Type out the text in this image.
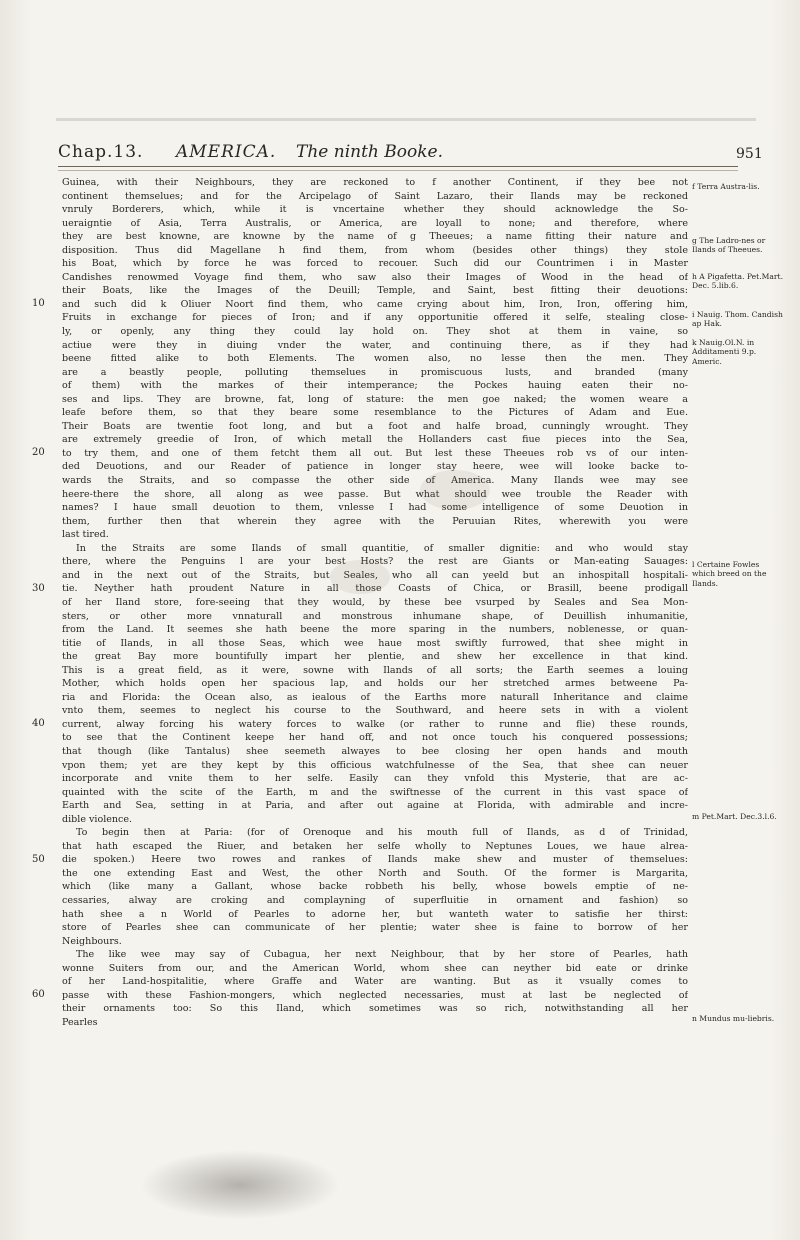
Chap.13. AMERICA. The ninth Booke.	951
10
20
30
40
50
60
Guinea, with their Neighbours, they are reckoned to f another Continent, if they bee not
continent themselues; and for the Arcipelago of Saint Lazaro, their Ilands may be reckoned
vnruly Borderers, which, while it is vncertaine whether they should acknowledge the So-
ueraigntie of Asia, Terra Australis, or America, are loyall to none; and therefore, where
they are best knowne, are knowne by the name of g Theeues; a name fitting their nature and
disposition. Thus did Magellane h find them, from whom (besides other things) they stole
his Boat, which by force he was forced to recouer. Such did our Countrimen i in Master
Candishes renowmed Voyage find them, who saw also their Images of Wood in the head of
their Boats, like the Images of the Deuill; Temple, and Saint, best fitting their deuotions:
and such did k Oliuer Noort find them, who came crying about him, Iron, Iron, offering him,
Fruits in exchange for pieces of Iron; and if any opportunitie offered it selfe, stealing close-
ly, or openly, any thing they could lay hold on. They shot at them in vaine, so
actiue were they in diuing vnder the water, and continuing there, as if they had
beene fitted alike to both Elements. The women also, no lesse then the men. They
are a beastly people, polluting themselues in promiscuous lusts, and branded (many
of them) with the markes of their intemperance; the Pockes hauing eaten their no-
ses and lips. They are browne, fat, long of stature: the men goe naked; the women weare a
leafe before them, so that they beare some resemblance to the Pictures of Adam and Eue.
Their Boats are twentie foot long, and but a foot and halfe broad, cunningly wrought. They
are extremely greedie of Iron, of which metall the Hollanders cast fiue pieces into the Sea,
to try them, and one of them fetcht them all out. But lest these Theeues rob vs of our inten-
ded Deuotions, and our Reader of patience in longer stay heere, wee will looke backe to-
wards the Straits, and so compasse the other side of America. Many Ilands wee may see
heere-there the shore, all along as wee passe. But what should wee trouble the Reader with
names? I haue small deuotion to them, vnlesse I had some intelligence of some Deuotion in
them, further then that wherein they agree with the Peruuian Rites, wherewith you were
last tired.
In the Straits are some Ilands of small quantitie, of smaller dignitie: and who would stay
there, where the Penguins l are your best Hosts? the rest are Giants or Man-eating Sauages:
and in the next out of the Straits, but Seales, who all can yeeld but an inhospitall hospitali-
tie. Neyther hath proudent Nature in all those Coasts of Chica, or Brasill, beene prodigall
of her Iland store, fore-seeing that they would, by these bee vsurped by Seales and Sea Mon-
sters, or other more vnnaturall and monstrous inhumane shape, of Deuillish inhumanitie,
from the Land. It seemes she hath beene the more sparing in the numbers, noblenesse, or quan-
titie of Ilands, in all those Seas, which wee haue most swiftly furrowed, that shee might in
the great Bay more bountifully impart her plentie, and shew her excellence in that kind.
This is a great field, as it were, sowne with Ilands of all sorts; the Earth seemes a louing
Mother, which holds open her spacious lap, and holds our her stretched armes betweene Pa-
ria and Florida: the Ocean also, as iealous of the Earths more naturall Inheritance and claime
vnto them, seemes to neglect his course to the Southward, and heere sets in with a violent
current, alway forcing his watery forces to walke (or rather to runne and flie) these rounds,
to see that the Continent keepe her hand off, and not once touch his conquered possessions;
that though (like Tantalus) shee seemeth alwayes to bee closing her open hands and mouth
vpon them; yet are they kept by this officious watchfulnesse of the Sea, that shee can neuer
incorporate and vnite them to her selfe. Easily can they vnfold this Mysterie, that are ac-
quainted with the scite of the Earth, m and the swiftnesse of the current in this vast space of
Earth and Sea, setting in at Paria, and after out againe at Florida, with admirable and incre-
dible violence.
To begin then at Paria: (for of Orenoque and his mouth full of Ilands, as d of Trinidad,
that hath escaped the Riuer, and betaken her selfe wholly to Neptunes Loues, we haue alrea-
die spoken.) Heere two rowes and rankes of Ilands make shew and muster of themselues:
the one extending East and West, the other North and South. Of the former is Margarita,
which (like many a Gallant, whose backe robbeth his belly, whose bowels emptie of ne-
cessaries, alway are croking and complayning of superfluitie in ornament and fashion) so
hath shee a n World of Pearles to adorne her, but wanteth water to satisfie her thirst:
store of Pearles shee can communicate of her plentie; water shee is faine to borrow of her
Neighbours.
The like wee may say of Cubagua, her next Neighbour, that by her store of Pearles, hath
wonne Suiters from our, and the American World, whom shee can neyther bid eate or drinke
of her Land-hospitalitie, where Graffe and Water are wanting. But as it vsually comes to
passe with these Fashion-mongers, which neglected necessaries, must at last be neglected of
their ornaments too: So this Iland, which sometimes was so rich, notwithstanding all her
Pearles
f Terra Austra-lis.
g The Ladro-nes or Ilands of Theeues.
h A Pigafetta. Pet.Mart. Dec. 5.lib.6.
i Nauig. Thom. Candish ap Hak.
k Nauig.Ol.N. in Additamenti 9.p. Americ.
l Certaine Fowles which breed on the Ilands.
m Pet.Mart. Dec.3.l.6.
n Mundus mu-liebris.
